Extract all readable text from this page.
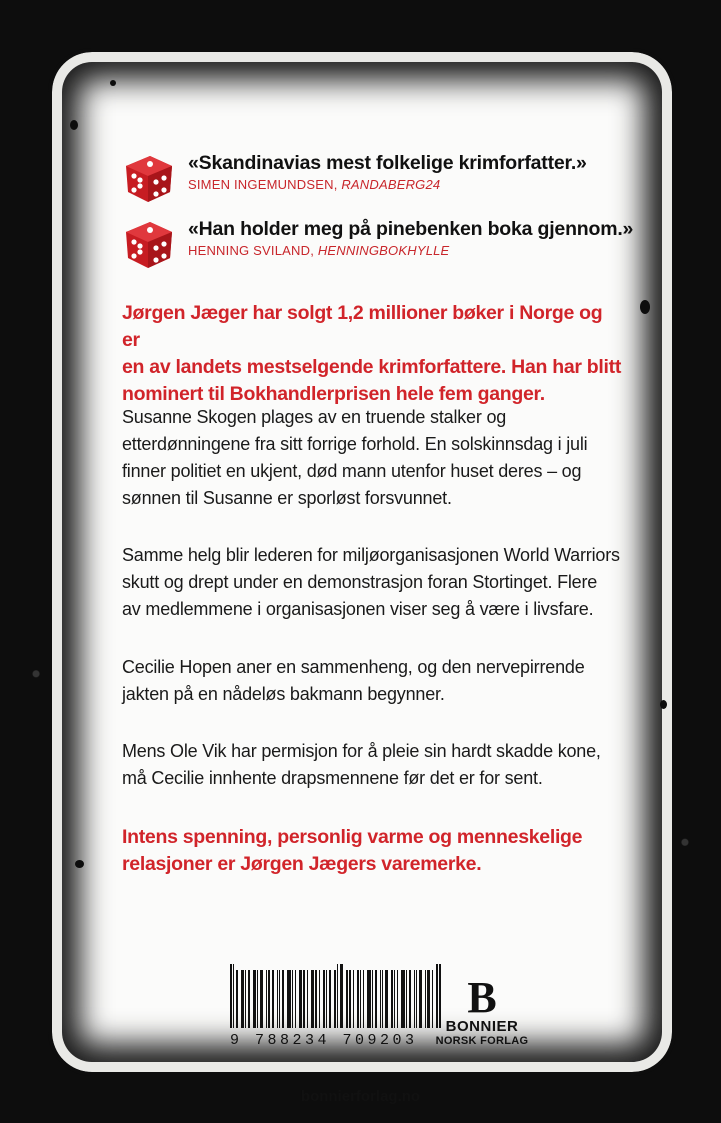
«Skandinavias mest folkelige krimforfatter.»
SIMEN INGEMUNDSEN, RANDABERG24
«Han holder meg på pinebenken boka gjennom.»
HENNING SVILAND, HENNINGBOKHYLLE
Jørgen Jæger har solgt 1,2 millioner bøker i Norge og er
en av landets mestselgende krimforfattere. Han har blitt
nominert til Bokhandlerprisen hele fem ganger.
Susanne Skogen plages av en truende stalker og
etterdønningene fra sitt forrige forhold. En solskinnsdag i juli
finner politiet en ukjent, død mann utenfor huset deres – og
sønnen til Susanne er sporløst forsvunnet.
Samme helg blir lederen for miljøorganisasjonen World Warriors
skutt og drept under en demonstrasjon foran Stortinget. Flere
av medlemmene i organisasjonen viser seg å være i livsfare.
Cecilie Hopen aner en sammenheng, og den nervepirrende
jakten på en nådeløs bakmann begynner.
Mens Ole Vik har permisjon for å pleie sin hardt skadde kone,
må Cecilie innhente drapsmennene før det er for sent.
Intens spenning, personlig varme og menneskelige
relasjoner er Jørgen Jægers varemerke.
9 788234 709203
B
BONNIER
NORSK FORLAG
bonnierforlag.no
